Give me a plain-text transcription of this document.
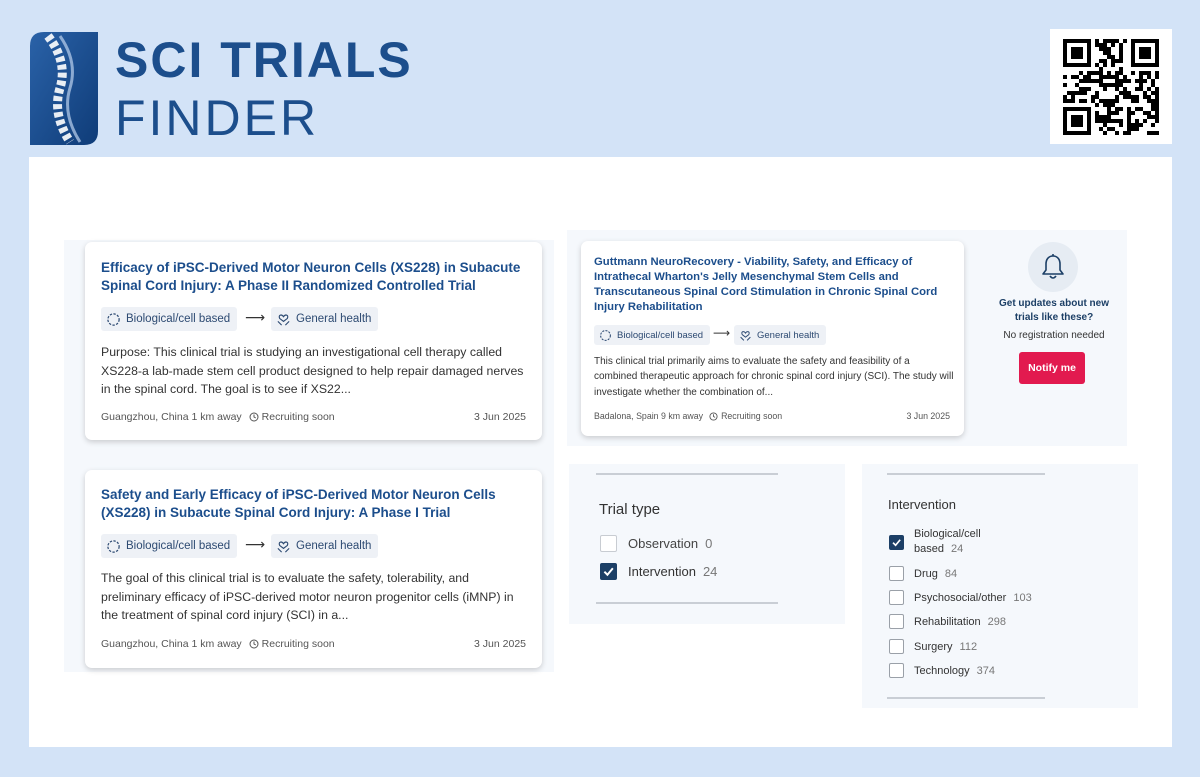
SCI TRIALS
FINDER
Efficacy of iPSC-Derived Motor Neuron Cells (XS228) in Subacute Spinal Cord Injury: A Phase II Randomized Controlled Trial
Biological/cell based ⟶	General health
Purpose: This clinical trial is studying an investigational cell therapy called XS228-a lab-made stem cell product designed to help repair damaged nerves in the spinal cord. The goal is to see if XS22...
Guangzhou, China 1 km away Recruiting soon	3 Jun 2025
Safety and Early Efficacy of iPSC-Derived Motor Neuron Cells (XS228) in Subacute Spinal Cord Injury: A Phase I Trial
Biological/cell based ⟶	General health
The goal of this clinical trial is to evaluate the safety, tolerability, and preliminary efficacy of iPSC-derived motor neuron progenitor cells (iMNP) in the treatment of spinal cord injury (SCI) in a...
Guangzhou, China 1 km away Recruiting soon	3 Jun 2025
Guttmann NeuroRecovery - Viability, Safety, and Efficacy of Intrathecal Wharton's Jelly Mesenchymal Stem Cells and Transcutaneous Spinal Cord Stimulation in Chronic Spinal Cord Injury Rehabilitation
Biological/cell based ⟶	General health
This clinical trial primarily aims to evaluate the safety and feasibility of a combined therapeutic approach for chronic spinal cord injury (SCI). The study will investigate whether the combination of...
Badalona, Spain 9 km away Recruiting soon	3 Jun 2025
Get updates about new trials like these?
No registration needed
Notify me
Trial type
Observation 0
Intervention 24
Intervention
Biological/cell
based 24
Drug 84
Psychosocial/other 103
Rehabilitation 298
Surgery 112
Technology 374
